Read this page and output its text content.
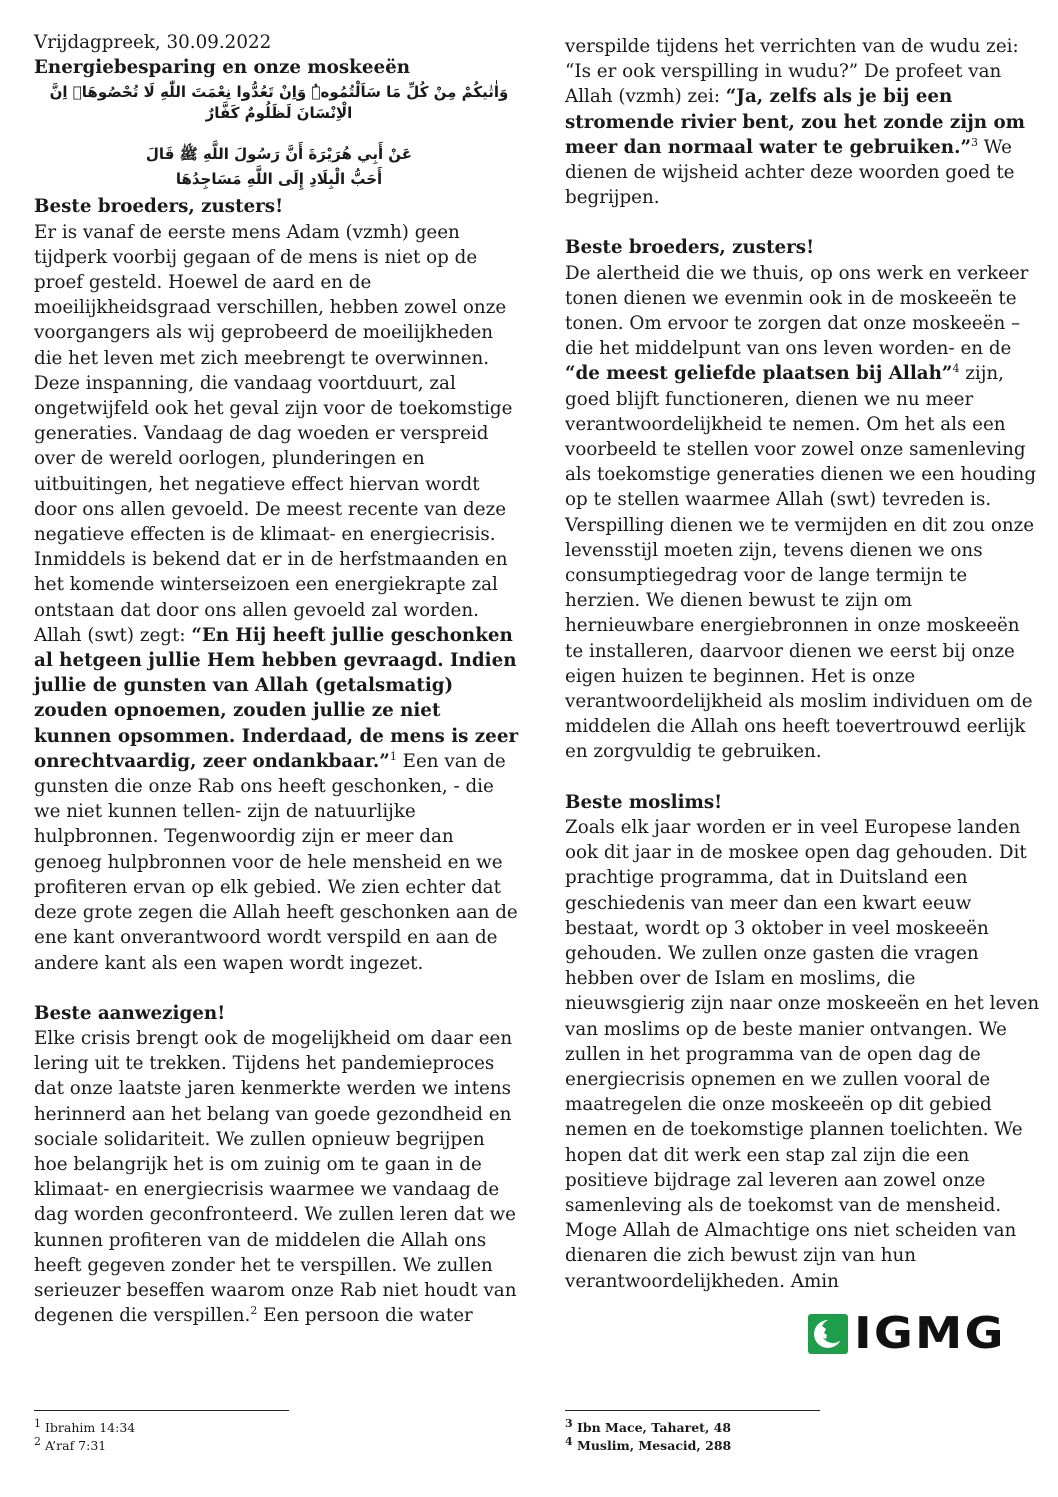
Vrijdagpreek, 30.09.2022

Energiebesparing en onze moskeeën

وَاٰتٰيكُمْ مِنْ كُلِّ مَا سَاَلْتُمُوهُۜ وَاِنْ تَعُدُّوا نِعْمَتَ اللّٰهِ لَا تُحْصُوهَاۜ اِنَّ الْاِنْسَانَ لَظَلُومٌ كَفَّارٌ

عَنْ أَبِي هُرَيْرَةَ أَنَّ رَسُولَ اللَّهِ ﷺ قَالَ

أَحَبُّ الْبِلَادِ إِلَى اللَّهِ مَسَاجِدُهَا

Beste broeders, zusters!

Er is vanaf de eerste mens Adam (vzmh) geen tijdperk voorbij gegaan of de mens is niet op de proef gesteld. Hoewel de aard en de moeilijkheidsgraad verschillen, hebben zowel onze voorgangers als wij geprobeerd de moeilijkheden die het leven met zich meebrengt te overwinnen. Deze inspanning, die vandaag voortduurt, zal ongetwijfeld ook het geval zijn voor de toekomstige generaties. Vandaag de dag woeden er verspreid over de wereld oorlogen, plunderingen en uitbuitingen, het negatieve effect hiervan wordt door ons allen gevoeld. De meest recente van deze negatieve effecten is de klimaat- en energiecrisis. Inmiddels is bekend dat er in de herfstmaanden en het komende winterseizoen een energiekrapte zal ontstaan dat door ons allen gevoeld zal worden. Allah (swt) zegt: “En Hij heeft jullie geschonken al hetgeen jullie Hem hebben gevraagd. Indien jullie de gunsten van Allah (getalsmatig) zouden opnoemen, zouden jullie ze niet kunnen opsommen. Inderdaad, de mens is zeer onrechtvaardig, zeer ondankbaar.”$^1$ Een van de gunsten die onze Rab ons heeft geschonken, - die we niet kunnen tellen- zijn de natuurlijke hulpbronnen. Tegenwoordig zijn er meer dan genoeg hulpbronnen voor de hele mensheid en we profiteren ervan op elk gebied. We zien echter dat deze grote zegen die Allah heeft geschonken aan de ene kant onverantwoord wordt verspild en aan de andere kant als een wapen wordt ingezet.

Beste aanwezigen!

Elke crisis brengt ook de mogelijkheid om daar een lering uit te trekken. Tijdens het pandemieproces dat onze laatste jaren kenmerkte werden we intens herinnerd aan het belang van goede gezondheid en sociale solidariteit. We zullen opnieuw begrijpen hoe belangrijk het is om zuinig om te gaan in de klimaat- en energiecrisis waarmee we vandaag de dag worden geconfronteerd. We zullen leren dat we kunnen profiteren van de middelen die Allah ons heeft gegeven zonder het te verspillen. We zullen serieuzer beseffen waarom onze Rab niet houdt van degenen die verspillen.$^2$ Een persoon die water

verspilde tijdens het verrichten van de wudu zei: “Is er ook verspilling in wudu?” De profeet van Allah (vzmh) zei: “Ja, zelfs als je bij een stromende rivier bent, zou het zonde zijn om meer dan normaal water te gebruiken.”$^3$ We dienen de wijsheid achter deze woorden goed te begrijpen.

Beste broeders, zusters!

De alertheid die we thuis, op ons werk en verkeer tonen dienen we evenmin ook in de moskeeën te tonen. Om ervoor te zorgen dat onze moskeeën – die het middelpunt van ons leven worden- en de “de meest geliefde plaatsen bij Allah”$^4$ zijn, goed blijft functioneren, dienen we nu meer verantwoordelijkheid te nemen. Om het als een voorbeeld te stellen voor zowel onze samenleving als toekomstige generaties dienen we een houding op te stellen waarmee Allah (swt) tevreden is. Verspilling dienen we te vermijden en dit zou onze levensstijl moeten zijn, tevens dienen we ons consumptiegedrag voor de lange termijn te herzien. We dienen bewust te zijn om hernieuwbare energiebronnen in onze moskeeën te installeren, daarvoor dienen we eerst bij onze eigen huizen te beginnen. Het is onze verantwoordelijkheid als moslim individuen om de middelen die Allah ons heeft toevertrouwd eerlijk en zorgvuldig te gebruiken.

Beste moslims!

Zoals elk jaar worden er in veel Europese landen ook dit jaar in de moskee open dag gehouden. Dit prachtige programma, dat in Duitsland een geschiedenis van meer dan een kwart eeuw bestaat, wordt op 3 oktober in veel moskeeën gehouden. We zullen onze gasten die vragen hebben over de Islam en moslims, die nieuwsgierig zijn naar onze moskeeën en het leven van moslims op de beste manier ontvangen. We zullen in het programma van de open dag de energiecrisis opnemen en we zullen vooral de maatregelen die onze moskeeën op dit gebied nemen en de toekomstige plannen toelichten. We hopen dat dit werk een stap zal zijn die een positieve bijdrage zal leveren aan zowel onze samenleving als de toekomst van de mensheid. Moge Allah de Almachtige ons niet scheiden van dienaren die zich bewust zijn van hun verantwoordelijkheden. Amin

IGMG
$^1$ Ibrahim 14:34
$^2$ A’raf 7:31
$^3$ Ibn Mace, Taharet, 48
$^4$ Muslim, Mesacid, 288
